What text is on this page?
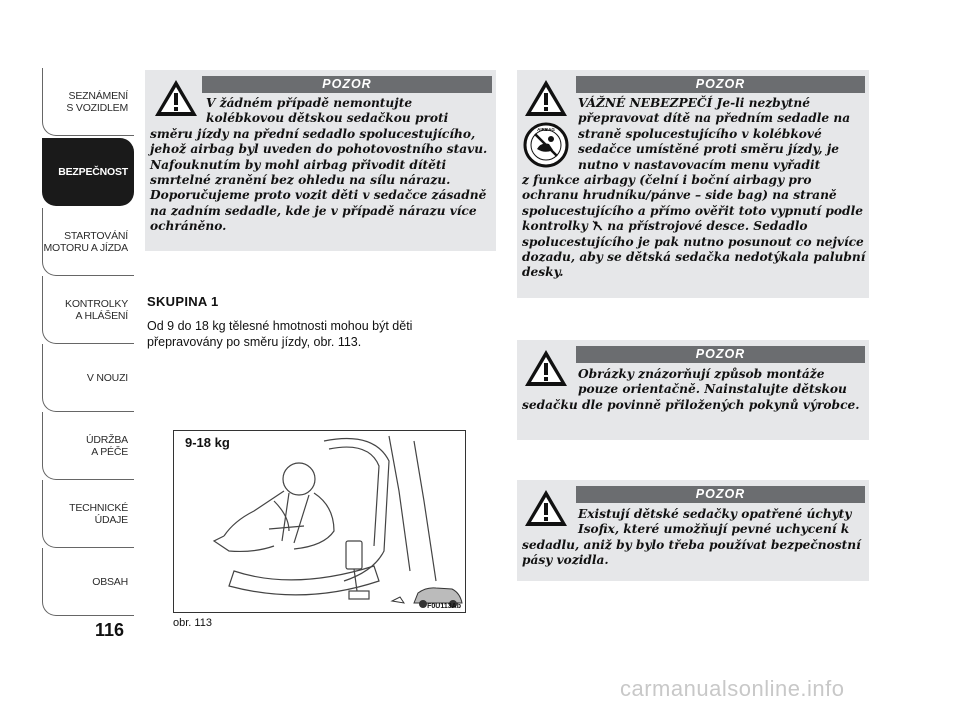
SEZNÁMENÍ
S VOZIDLEM
BEZPEČNOST
STARTOVÁNÍ
MOTORU A JÍZDA
KONTROLKY
A HLÁŠENÍ
V NOUZI
ÚDRŽBA
A PÉČE
TECHNICKÉ
ÚDAJE
OBSAH
116
POZOR
V žádném případě nemontujte
kolébkovou dětskou sedačkou proti
směru jízdy na přední sedadlo spolucestujícího, jehož airbag byl uveden do pohotovostního stavu. Nafouknutím by mohl airbag přivodit dítěti smrtelné zranění bez ohledu na sílu nárazu. Doporučujeme proto vozit děti v sedačce zásadně na zadním sedadle, kde je v případě nárazu více ochráněno.
POZOR
AIRBAG
VÁŽNÉ NEBEZPEČÍ Je-li nezbytné
přepravovat dítě na předním sedadle na
straně spolucestujícího v kolébkové
sedačce umístěné proti směru jízdy, je
nutno v nastavovacím menu vyřadit
z funkce airbagy (čelní i boční airbagy pro ochranu hrudníku/pánve – side bag) na straně spolucestujícího a přímo ověřit toto vypnutí podle kontrolky na přístrojové desce. Sedadlo spolucestujícího je pak nutno posunout co nejvíce dozadu, aby se dětská sedačka nedotýkala palubní desky.
POZOR
Obrázky znázorňují způsob montáže
pouze orientačně. Nainstalujte dětskou
sedačku dle povinně přiložených pokynů výrobce.
POZOR
Existují dětské sedačky opatřené úchyty
Isofix, které umožňují pevné uchycení k
sedadlu, aniž by bylo třeba používat bezpečnostní pásy vozidla.
SKUPINA 1
Od 9 do 18 kg tělesné hmotnosti mohou být děti přepravovány po směru jízdy, obr. 113.
9-18 kg
F0U113Ab
obr. 113
carmanualsonline.info
